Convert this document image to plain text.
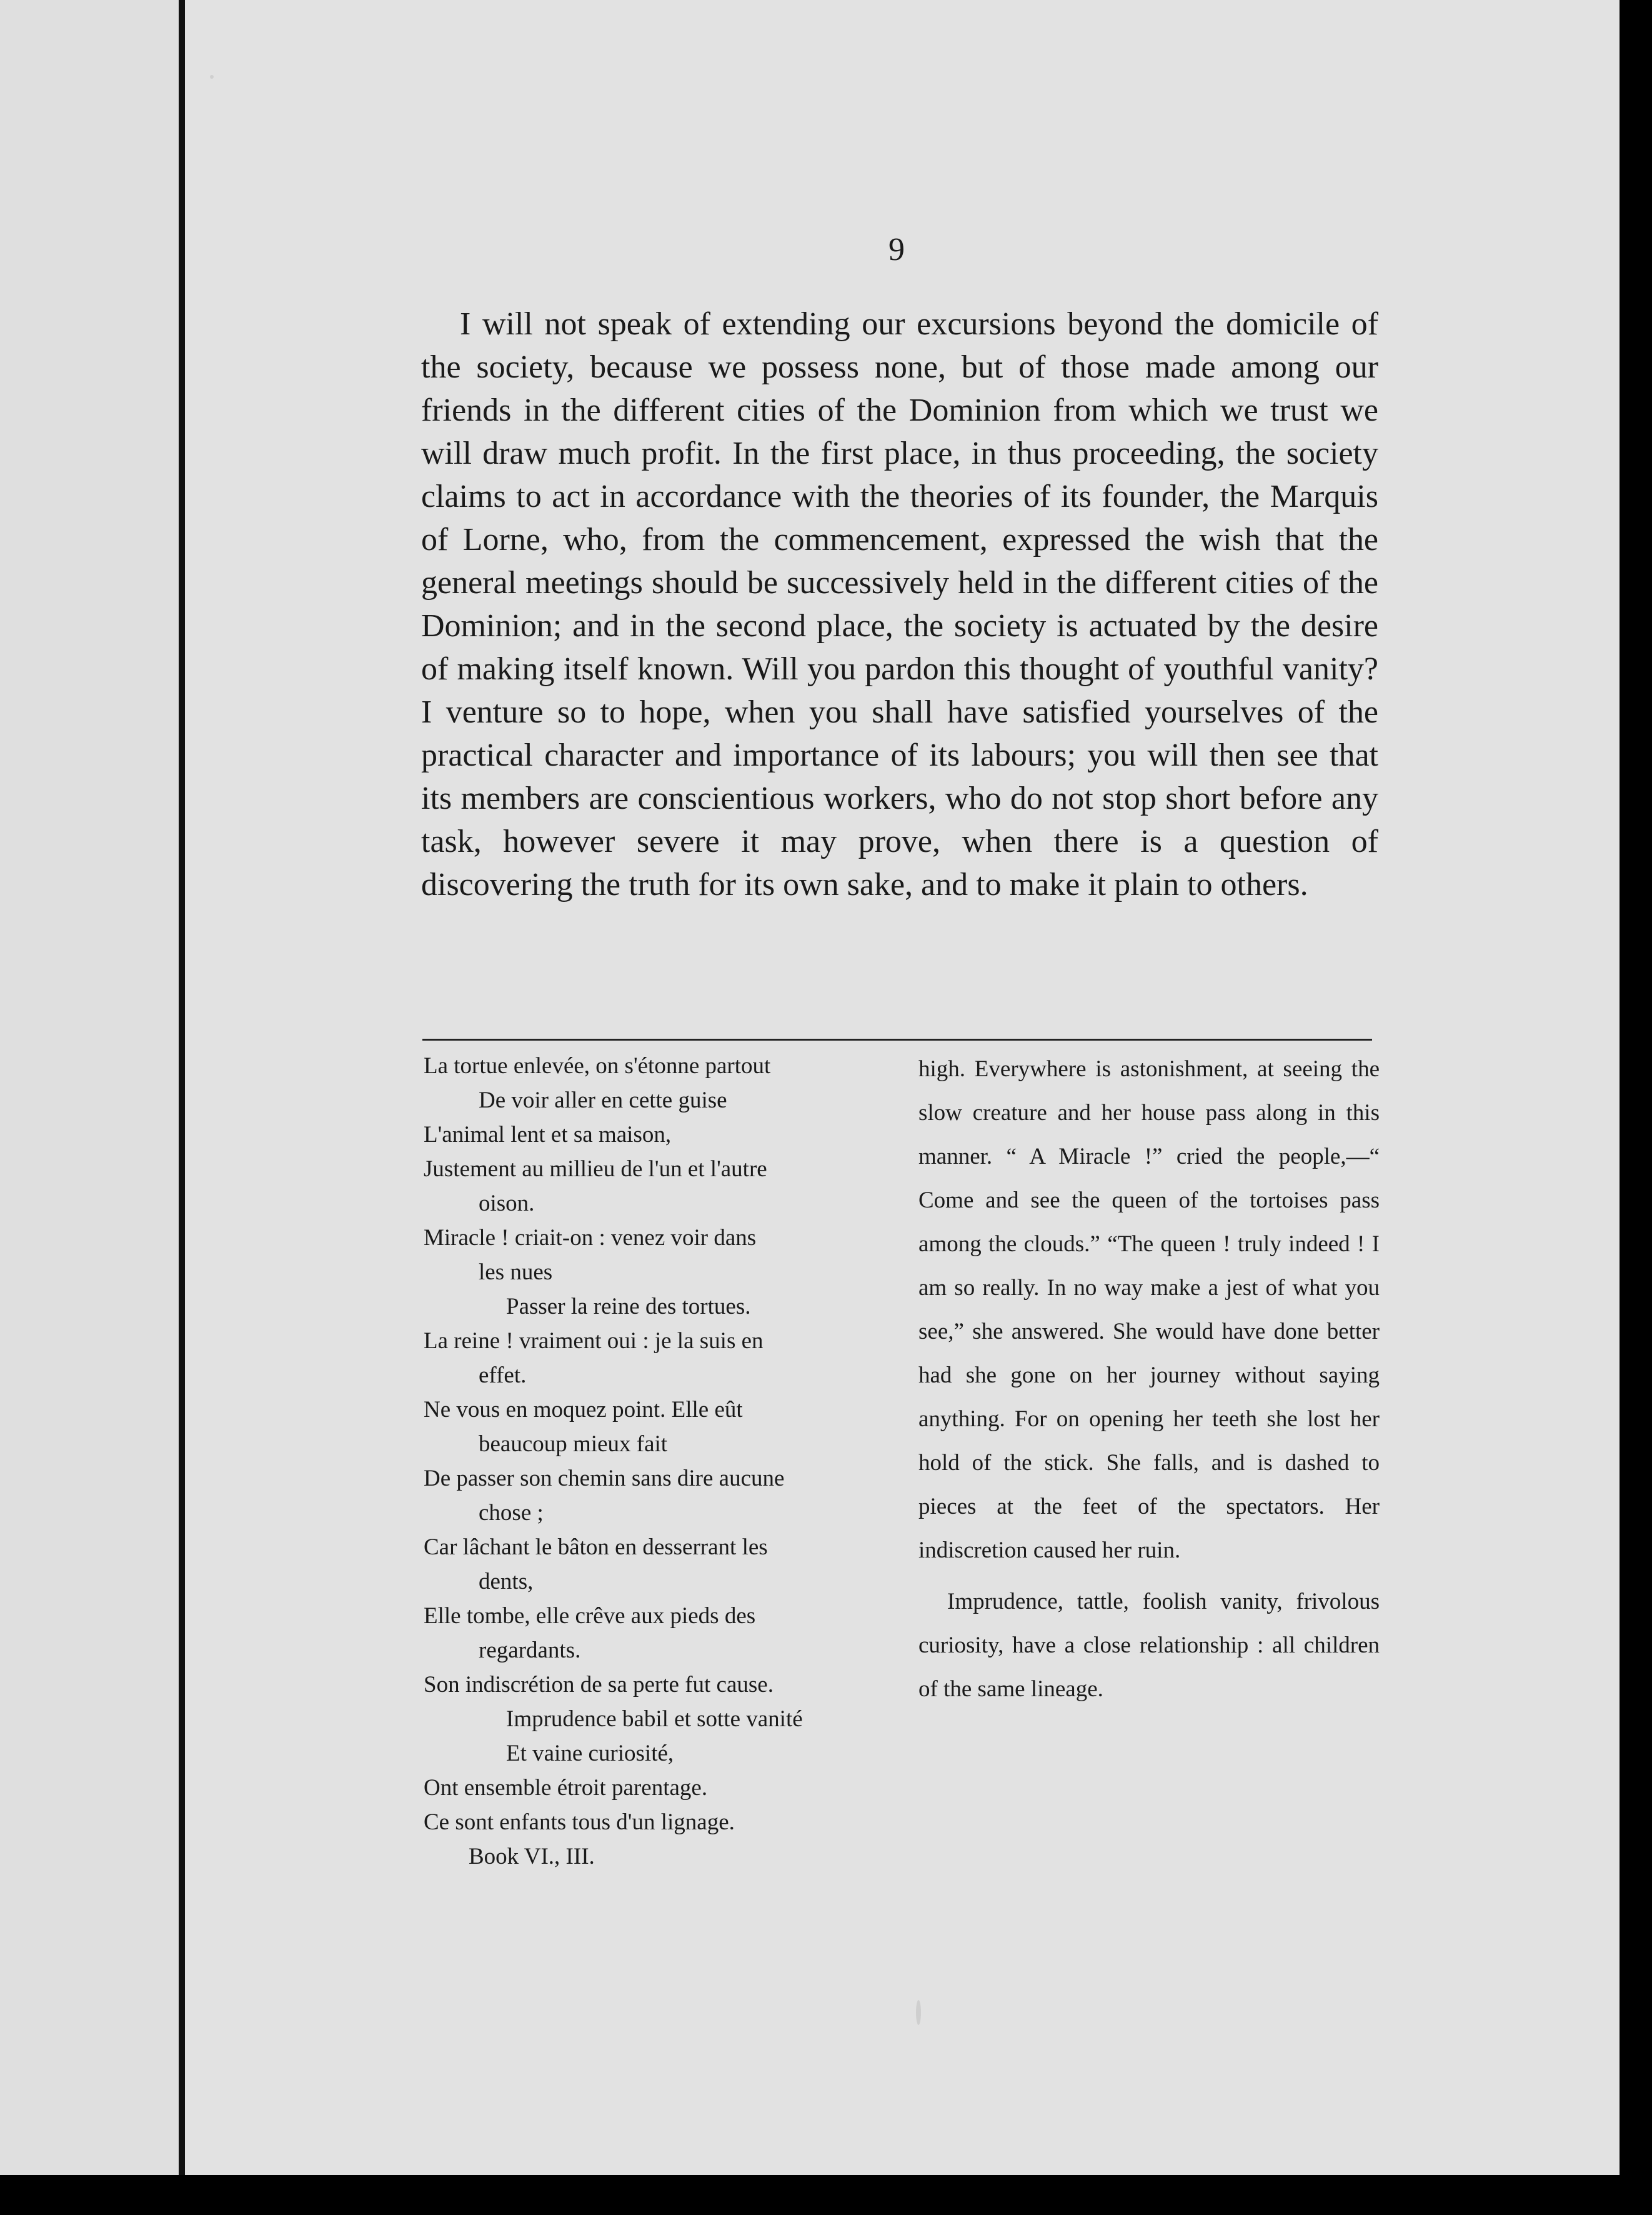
9

I will not speak of extending our excursions beyond the domicile of the society, because we possess none, but of those made among our friends in the different cities of the Dominion from which we trust we will draw much profit. In the first place, in thus proceeding, the society claims to act in accordance with the theories of its founder, the Marquis of Lorne, who, from the commencement, expressed the wish that the general meetings should be successively held in the different cities of the Dominion; and in the second place, the society is actuated by the desire of making itself known. Will you pardon this thought of youthful vanity? I venture so to hope, when you shall have satisfied yourselves of the practical character and importance of its labours; you will then see that its members are conscientious workers, who do not stop short before any task, however severe it may prove, when there is a question of discovering the truth for its own sake, and to make it plain to others.

La tortue enlevée, on s'étonne partout
De voir aller en cette guise
L'animal lent et sa maison,
Justement au millieu de l'un et l'autre
oison.
Miracle ! criait-on : venez voir dans
les nues
Passer la reine des tortues.
La reine ! vraiment oui : je la suis en
effet.
Ne vous en moquez point. Elle eût
beaucoup mieux fait
De passer son chemin sans dire aucune
chose ;
Car lâchant le bâton en desserrant les
dents,
Elle tombe, elle crêve aux pieds des
regardants.
Son indiscrétion de sa perte fut cause.
Imprudence babil et sotte vanité
Et vaine curiosité,
Ont ensemble étroit parentage.
Ce sont enfants tous d'un lignage.
Book VI., III.

high. Everywhere is astonishment, at seeing the slow creature and her house pass along in this manner. “ A Miracle !” cried the people,—“ Come and see the queen of the tortoises pass among the clouds.” “The queen ! truly indeed ! I am so really. In no way make a jest of what you see,” she answered. She would have done better had she gone on her journey without saying anything. For on opening her teeth she lost her hold of the stick. She falls, and is dashed to pieces at the feet of the spectators. Her indiscretion caused her ruin.

Imprudence, tattle, foolish vanity, frivolous curiosity, have a close relationship : all children of the same lineage.
